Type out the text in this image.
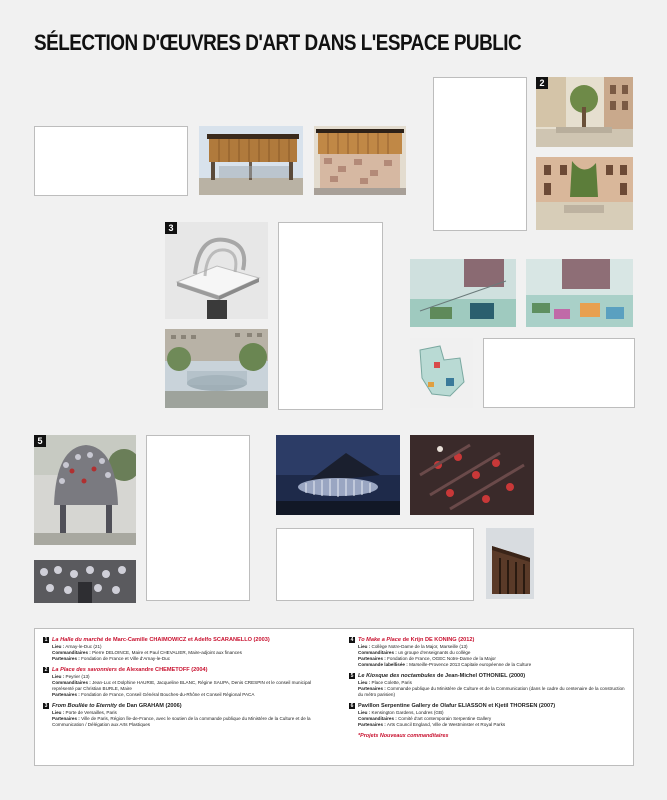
SÉLECTION D'ŒUVRES D'ART DANS L'ESPACE PUBLIC
2
3
5
1 La Halle du marché de Marc-Camille CHAIMOWICZ et Adelfo SCARANELLO (2003)
Lieu : Arnay-le-Duc (21)
Commanditaires : Pierre DELOINCE, Maire et Paul CHEVALIER, Maire-adjoint aux finances
Partenaires : Fondation de France et Ville d'Arnay-le-Duc
2 La Place des savonniers de Alexandre CHEMETOFF (2004)
Lieu : Peyrier (13)
Commanditaires : Jean-Luc et Dolphine HAURIE, Jacqueline BLANC, Régine SAUPA, Denis CRESPIN et le conseil municipal représenté par Christian BURLE, Maire
Partenaires : Fondation de France, Conseil Général Bouches-du-Rhône et Conseil Régional PACA
3 From Boullée to Eternity de Dan GRAHAM (2006)
Lieu : Porte de Versailles, Paris
Partenaires : Ville de Paris, Région Île-de-France, avec le soutien de la commande publique du Ministère de la Culture et de la Communication / Délégation aux Arts Plastiques
4 To Make a Place de Krijn DE KONING (2012)
Lieu : Collège Notre-Dame de la Major, Marseille (13)
Commanditaires : un groupe d'enseignants du collège
Partenaires : Fondation de France, OGEC Notre-Dame de la Major
Commande labellisée : Marseille-Provence 2013 Capitale européenne de la Culture
5 Le Kiosque des noctambules de Jean-Michel OTHONIEL (2000)
Lieu : Place Colette, Paris
Partenaires : Commande publique du Ministère de Culture et de la Communication (dans le cadre du centenaire de la construction du métro parisien)
6 Pavillon Serpentine Gallery de Olafur ELIASSON et Kjetil THORSEN (2007)
Lieu : Kensington Gardens, Londres (GB)
Commanditaires : Comité d'art contemporain Serpentine Gallery
Partenaires : Arts Council England, Ville de Westminster et Royal Parks
*Projets Nouveaux commanditaires
